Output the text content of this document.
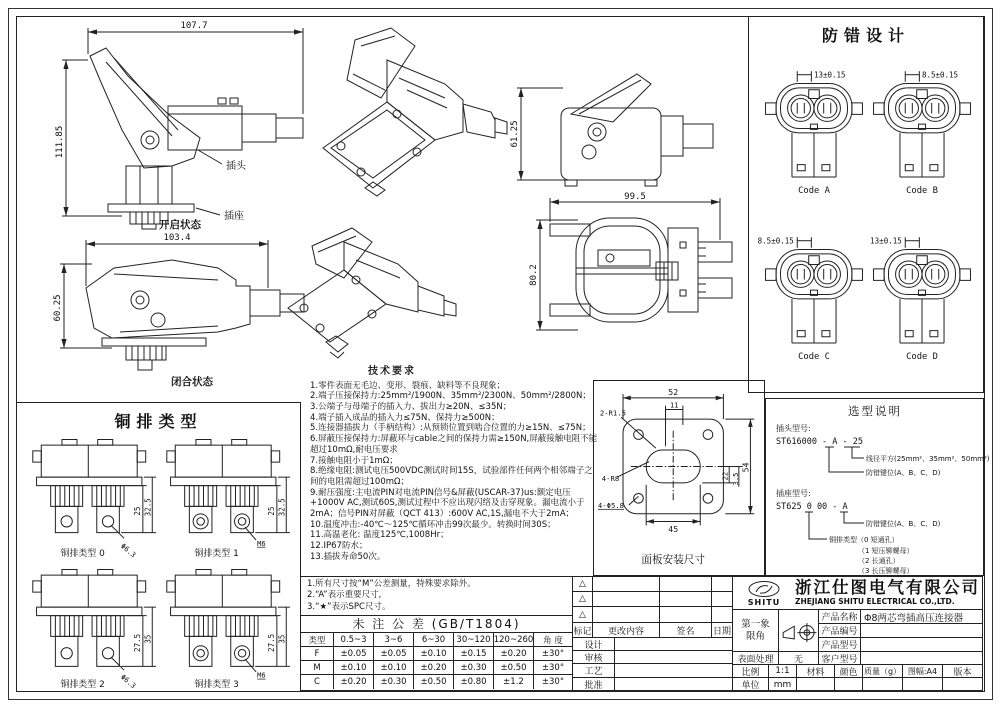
107.7
111.85
插头
插座
开启状态
103.4
60.25
闭合状态
61.25
99.5
80.2
防错设计
13±0.15
Code A
8.5±0.15
Code B
8.5±0.15
Code C
13±0.15
Code D
铜排类型
25 32.5
Φ6.3
铜排类型 0
25 32.5
M6
铜排类型 1
27.5 35
Φ6.3
铜排类型 2
27.5 35
M6
铜排类型 3
技术要求
1.零件表面无毛边、变形、裂痕、缺料等不良现象；
2.端子压接保持力:25mm²/1900N、35mm²/2300N、50mm²/2800N；
3.公端子与母端子的插入力、拔出力≥20N、≤35N；
4.端子插入成品的插入力≤75N、保持力≥500N；
5.连接器插拔力（手柄结构）:从预锁位置到啮合位置的力≥15N、≤75N；
6.屏蔽压接保持力:屏蔽环与cable之间的保持力需≥150N,屏蔽接触电阻不能超过10mΩ,耐电压要求
7.接触电阻小于1mΩ；
8.绝缘电阻:测试电压500VDC测试时间15S，试验部件任何两个相邻端子之间的电阻需超过100mΩ；
9.耐压强度:主电流PIN对电流PIN信号&屏蔽(USCAR-37)us:额定电压+1000V AC,测试60S,测试过程中不应出现闪络及击穿现象。漏电流小于2mA；信号PIN对屏蔽（QCT 413）:600V AC,1S,漏电不大于2mA；
10.温度冲击:-40℃～125℃循环冲击99次最少。转换时间30S；
11.高温老化: 温度125℃,1008Hr；
12.IP67防水；
13.插拔寿命50次。
52
11
45
22 3.5
54
2-R1.5
4-R8
4-Φ5.8
面板安装尺寸
选型说明
插头型号:
ST616000 - A - 25
线径平方(25mm²、35mm²、50mm²)
防错键位(A、B、C、D)
插座型号:
ST625 0 00 - A
防错键位(A、B、C、D)
铜排类型（0 短通孔）
（1 短压铆螺母）
（2 长通孔）
（3 长压铆螺母）
1.所有尺寸按“M”公差测量，特殊要求除外。
2.“A”表示重要尺寸,
3.“★”表示SPC尺寸。
未 注 公 差 (GB/T1804)
类型	0.5~3	3~6	6~30	30~120 120~260	角 度
F	±0.05	±0.05	±0.10	±0.15	±0.20	±30°
M	±0.10	±0.10	±0.20	±0.30	±0.50	±30°
C	±0.20	±0.30	±0.50	±0.80	±1.2	±30°
△
△
△
标记	更改内容	签名	日期
设计
审核
工艺
批准
SHITU
浙江仕图电气有限公司
ZHEJIANG SHITU ELECTRICAL CO.,LTD.
第一象限角
产品名称 Φ8两芯弯插高压连接器
产品编号
产品型号
表面处理	无	客户型号
比例	1:1	材料	颜色 质量（g） 图幅:A4	版本
单位	mm
